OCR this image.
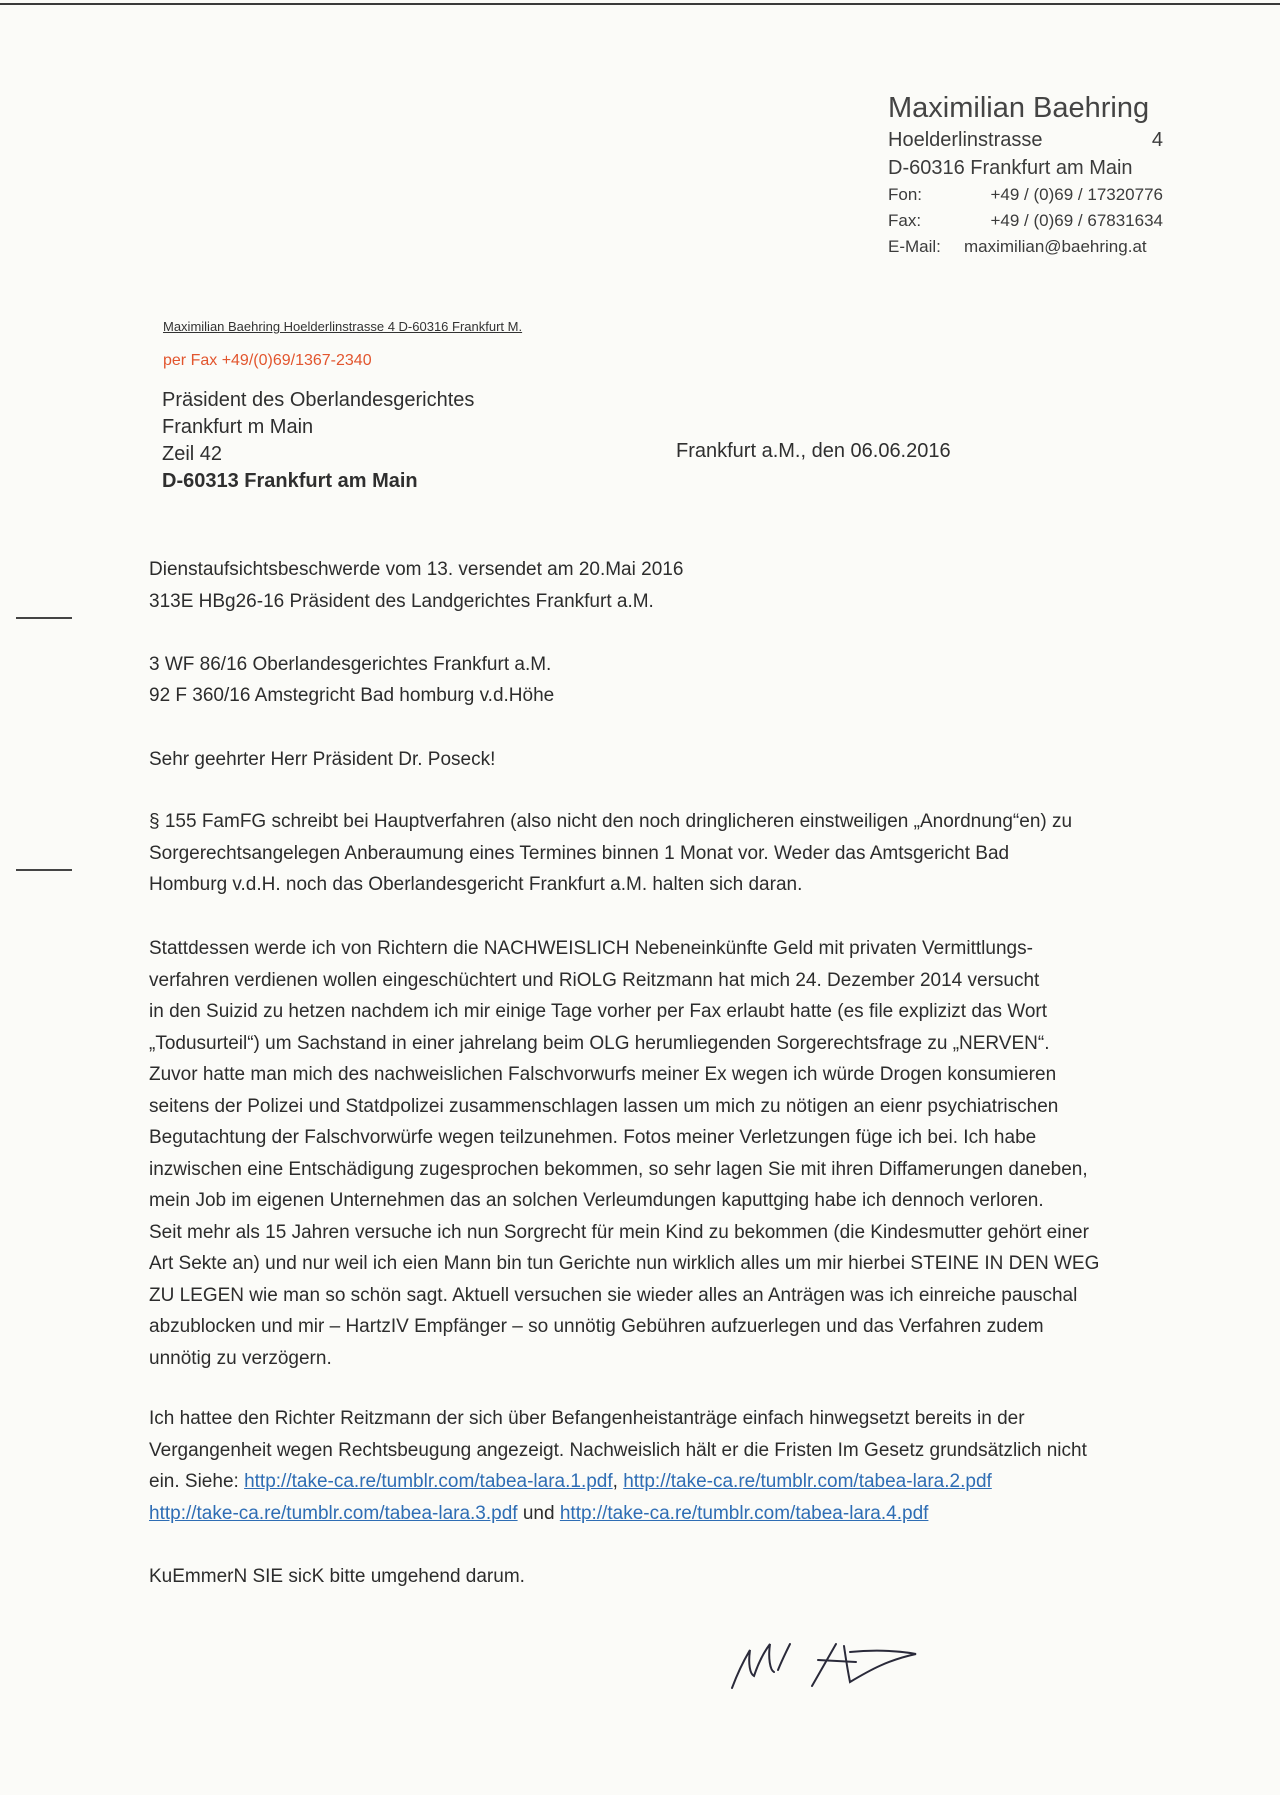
Maximilian Baehring
Hoelderlinstrasse	4
D-60316 Frankfurt am Main
Fon:	+49 / (0)69 / 17320776
Fax:	+49 / (0)69 / 67831634
E-Mail:	maximilian@baehring.at
Maximilian Baehring Hoelderlinstrasse 4 D-60316 Frankfurt M.
per Fax +49/(0)69/1367-2340
Präsident des Oberlandesgerichtes
Frankfurt m Main
Zeil 42
D-60313 Frankfurt am Main
Frankfurt a.M., den 06.06.2016

Dienstaufsichtsbeschwerde vom 13. versendet am 20.Mai 2016

313E HBg26-16 Präsident des Landgerichtes Frankfurt a.M.

3 WF 86/16 Oberlandesgerichtes Frankfurt a.M.

92 F 360/16 Amstegricht Bad homburg v.d.Höhe

Sehr geehrter Herr Präsident Dr. Poseck!

§ 155 FamFG schreibt bei Hauptverfahren (also nicht den noch dringlicheren einstweiligen „Anordnung“en) zu

Sorgerechtsangelegen Anberaumung eines Termines binnen 1 Monat vor. Weder das Amtsgericht Bad

Homburg v.d.H. noch das Oberlandesgericht Frankfurt a.M. halten sich daran.

Stattdessen werde ich von Richtern die NACHWEISLICH Nebeneinkünfte Geld mit privaten Vermittlungs-

verfahren verdienen wollen eingeschüchtert und RiOLG Reitzmann hat mich 24. Dezember 2014 versucht

in den Suizid zu hetzen nachdem ich mir einige Tage vorher per Fax erlaubt hatte (es file explizizt das Wort

„Todusurteil“) um Sachstand in einer jahrelang beim OLG herumliegenden Sorgerechtsfrage zu „NERVEN“.

Zuvor hatte man mich des nachweislichen Falschvorwurfs meiner Ex wegen ich würde Drogen konsumieren

seitens der Polizei und Statdpolizei zusammenschlagen lassen um mich zu nötigen an eienr psychiatrischen

Begutachtung der Falschvorwürfe wegen teilzunehmen. Fotos meiner Verletzungen füge ich bei. Ich habe

inzwischen eine Entschädigung zugesprochen bekommen, so sehr lagen Sie mit ihren Diffamerungen daneben,

mein Job im eigenen Unternehmen das an solchen Verleumdungen kaputtging habe ich dennoch verloren.

Seit mehr als 15 Jahren versuche ich nun Sorgrecht für mein Kind zu bekommen (die Kindesmutter gehört einer

Art Sekte an) und nur weil ich eien Mann bin tun Gerichte nun wirklich alles um mir hierbei STEINE IN DEN WEG

ZU LEGEN wie man so schön sagt. Aktuell versuchen sie wieder alles an Anträgen was ich einreiche pauschal

abzublocken und mir – HartzIV Empfänger – so unnötig Gebühren aufzuerlegen und das Verfahren zudem

unnötig zu verzögern.

Ich hattee den Richter Reitzmann der sich über Befangenheistanträge einfach hinwegsetzt bereits in der

Vergangenheit wegen Rechtsbeugung angezeigt. Nachweislich hält er die Fristen Im Gesetz grundsätzlich nicht

ein. Siehe: http://take-ca.re/tumblr.com/tabea-lara.1.pdf, http://take-ca.re/tumblr.com/tabea-lara.2.pdf

http://take-ca.re/tumblr.com/tabea-lara.3.pdf und http://take-ca.re/tumblr.com/tabea-lara.4.pdf

KuEmmerN SIE sicK bitte umgehend darum.
